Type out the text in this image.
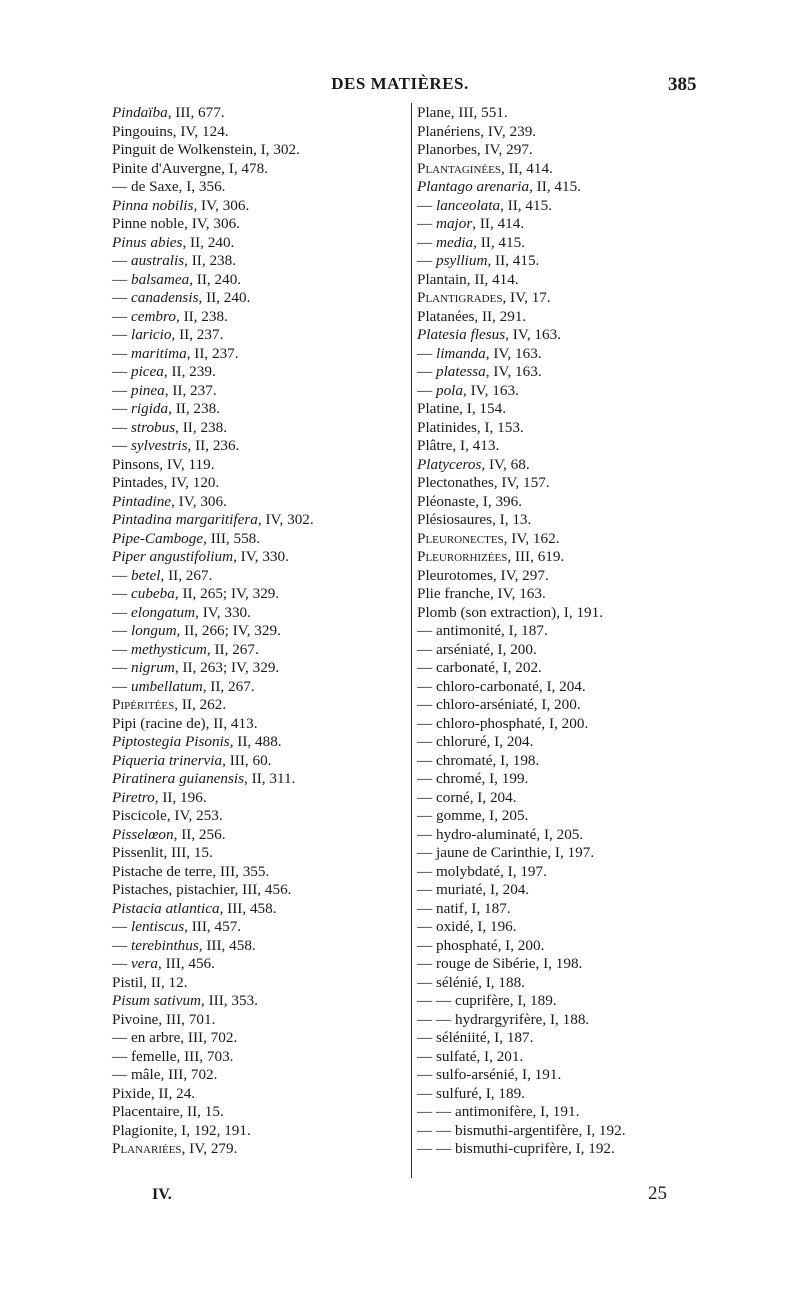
DES MATIÈRES.	385
Pindaïba, III, 677.
Pingouins, IV, 124.
Pinguit de Wolkenstein, I, 302.
Pinite d'Auvergne, I, 478.
— de Saxe, I, 356.
Pinna nobilis, IV, 306.
Pinne noble, IV, 306.
Pinus abies, II, 240.
— australis, II, 238.
— balsamea, II, 240.
— canadensis, II, 240.
— cembro, II, 238.
— laricio, II, 237.
— maritima, II, 237.
— picea, II, 239.
— pinea, II, 237.
— rigida, II, 238.
— strobus, II, 238.
— sylvestris, II, 236.
Pinsons, IV, 119.
Pintades, IV, 120.
Pintadine, IV, 306.
Pintadina margaritifera, IV, 302.
Pipe-Camboge, III, 558.
Piper angustifolium, IV, 330.
— betel, II, 267.
— cubeba, II, 265; IV, 329.
— elongatum, IV, 330.
— longum, II, 266; IV, 329.
— methysticum, II, 267.
— nigrum, II, 263; IV, 329.
— umbellatum, II, 267.
Pipéritées, II, 262.
Pipi (racine de), II, 413.
Piptostegia Pisonis, II, 488.
Piqueria trinervia, III, 60.
Piratinera guianensis, II, 311.
Piretro, II, 196.
Piscicole, IV, 253.
Pisselœon, II, 256.
Pissenlit, III, 15.
Pistache de terre, III, 355.
Pistaches, pistachier, III, 456.
Pistacia atlantica, III, 458.
— lentiscus, III, 457.
— terebinthus, III, 458.
— vera, III, 456.
Pistil, II, 12.
Pisum sativum, III, 353.
Pivoine, III, 701.
— en arbre, III, 702.
— femelle, III, 703.
— mâle, III, 702.
Pixide, II, 24.
Placentaire, II, 15.
Plagionite, I, 192, 191.
Planariées, IV, 279.
Plane, III, 551.
Planériens, IV, 239.
Planorbes, IV, 297.
Plantaginées, II, 414.
Plantago arenaria, II, 415.
— lanceolata, II, 415.
— major, II, 414.
— media, II, 415.
— psyllium, II, 415.
Plantain, II, 414.
Plantigrades, IV, 17.
Platanées, II, 291.
Platesia flesus, IV, 163.
— limanda, IV, 163.
— platessa, IV, 163.
— pola, IV, 163.
Platine, I, 154.
Platinides, I, 153.
Plâtre, I, 413.
Platyceros, IV, 68.
Plectonathes, IV, 157.
Pléonaste, I, 396.
Plésiosaures, I, 13.
Pleuronectes, IV, 162.
Pleurorhizées, III, 619.
Pleurotomes, IV, 297.
Plie franche, IV, 163.
Plomb (son extraction), I, 191.
— antimonité, I, 187.
— arséniaté, I, 200.
— carbonaté, I, 202.
— chloro-carbonaté, I, 204.
— chloro-arséniaté, I, 200.
— chloro-phosphaté, I, 200.
— chloruré, I, 204.
— chromaté, I, 198.
— chromé, I, 199.
— corné, I, 204.
— gomme, I, 205.
— hydro-aluminaté, I, 205.
— jaune de Carinthie, I, 197.
— molybdaté, I, 197.
— muriaté, I, 204.
— natif, I, 187.
— oxidé, I, 196.
— phosphaté, I, 200.
— rouge de Sibérie, I, 198.
— sélénié, I, 188.
— — cuprifère, I, 189.
— — hydrargyrifère, I, 188.
— séléniité, I, 187.
— sulfaté, I, 201.
— sulfo-arsénié, I, 191.
— sulfuré, I, 189.
— — antimonifère, I, 191.
— — bismuthi-argentifère, I, 192.
— — bismuthi-cuprifère, I, 192.
IV.	25
